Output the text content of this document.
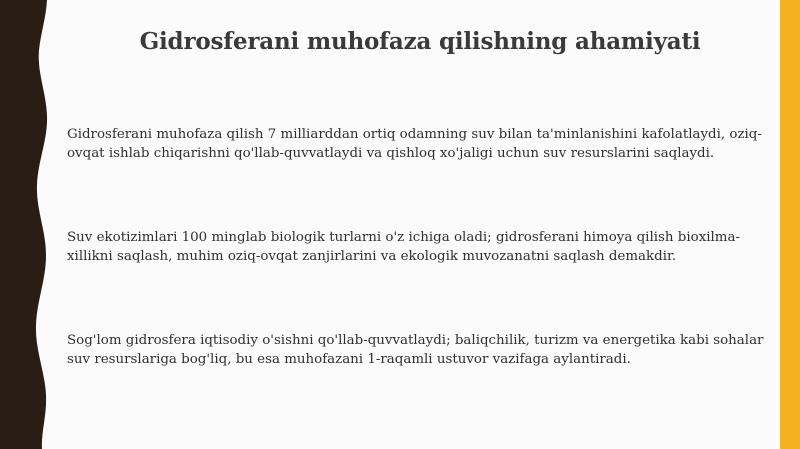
Gidrosferani muhofaza qilishning ahamiyati

Gidrosferani muhofaza qilish 7 milliarddan ortiq odamning suv bilan ta'minlanishini kafolatlaydi, oziq-ovqat ishlab chiqarishni qo'llab-quvvatlaydi va qishloq xo'jaligi uchun suv resurslarini saqlaydi.

Suv ekotizimlari 100 minglab biologik turlarni o'z ichiga oladi; gidrosferani himoya qilish bioxilma-xillikni saqlash, muhim oziq-ovqat zanjirlarini va ekologik muvozanatni saqlash demakdir.

Sog'lom gidrosfera iqtisodiy o'sishni qo'llab-quvvatlaydi; baliqchilik, turizm va energetika kabi sohalar suv resurslariga bog'liq, bu esa muhofazani 1-raqamli ustuvor vazifaga aylantiradi.
